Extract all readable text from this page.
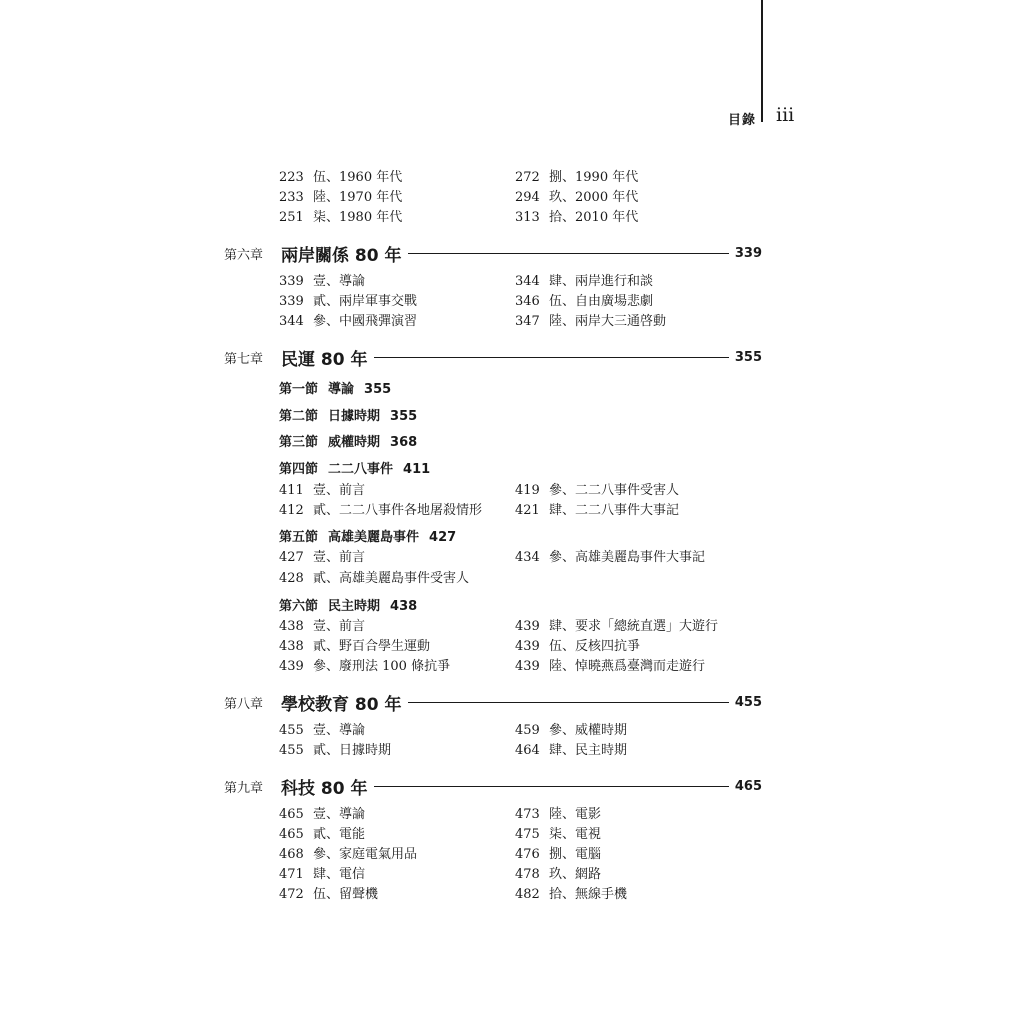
目錄 iii
223 伍、1960 年代
233 陸、1970 年代
251 柒、1980 年代
272 捌、1990 年代
294 玖、2000 年代
313 拾、2010 年代
第六章	兩岸關係 80 年	339
339 壹、導論
339 貳、兩岸軍事交戰
344 參、中國飛彈演習
344 肆、兩岸進行和談
346 伍、自由廣場悲劇
347 陸、兩岸大三通啓動
第七章	民運 80 年	355
第一節 導論 355
第二節 日據時期 355
第三節 威權時期 368
第四節 二二八事件 411
411 壹、前言
412 貳、二二八事件各地屠殺情形
419 參、二二八事件受害人
421 肆、二二八事件大事記
第五節 高雄美麗島事件 427
427 壹、前言
428 貳、高雄美麗島事件受害人
434 參、高雄美麗島事件大事記
第六節 民主時期 438
438 壹、前言
438 貳、野百合學生運動
439 參、廢刑法 100 條抗爭
439 肆、要求「總統直選」大遊行
439 伍、反核四抗爭
439 陸、悼曉燕爲臺灣而走遊行
第八章	學校教育 80 年	455
455 壹、導論
455 貳、日據時期
459 參、威權時期
464 肆、民主時期
第九章	科技 80 年	465
465 壹、導論
465 貳、電能
468 參、家庭電氣用品
471 肆、電信
472 伍、留聲機
473 陸、電影
475 柒、電視
476 捌、電腦
478 玖、網路
482 拾、無線手機
